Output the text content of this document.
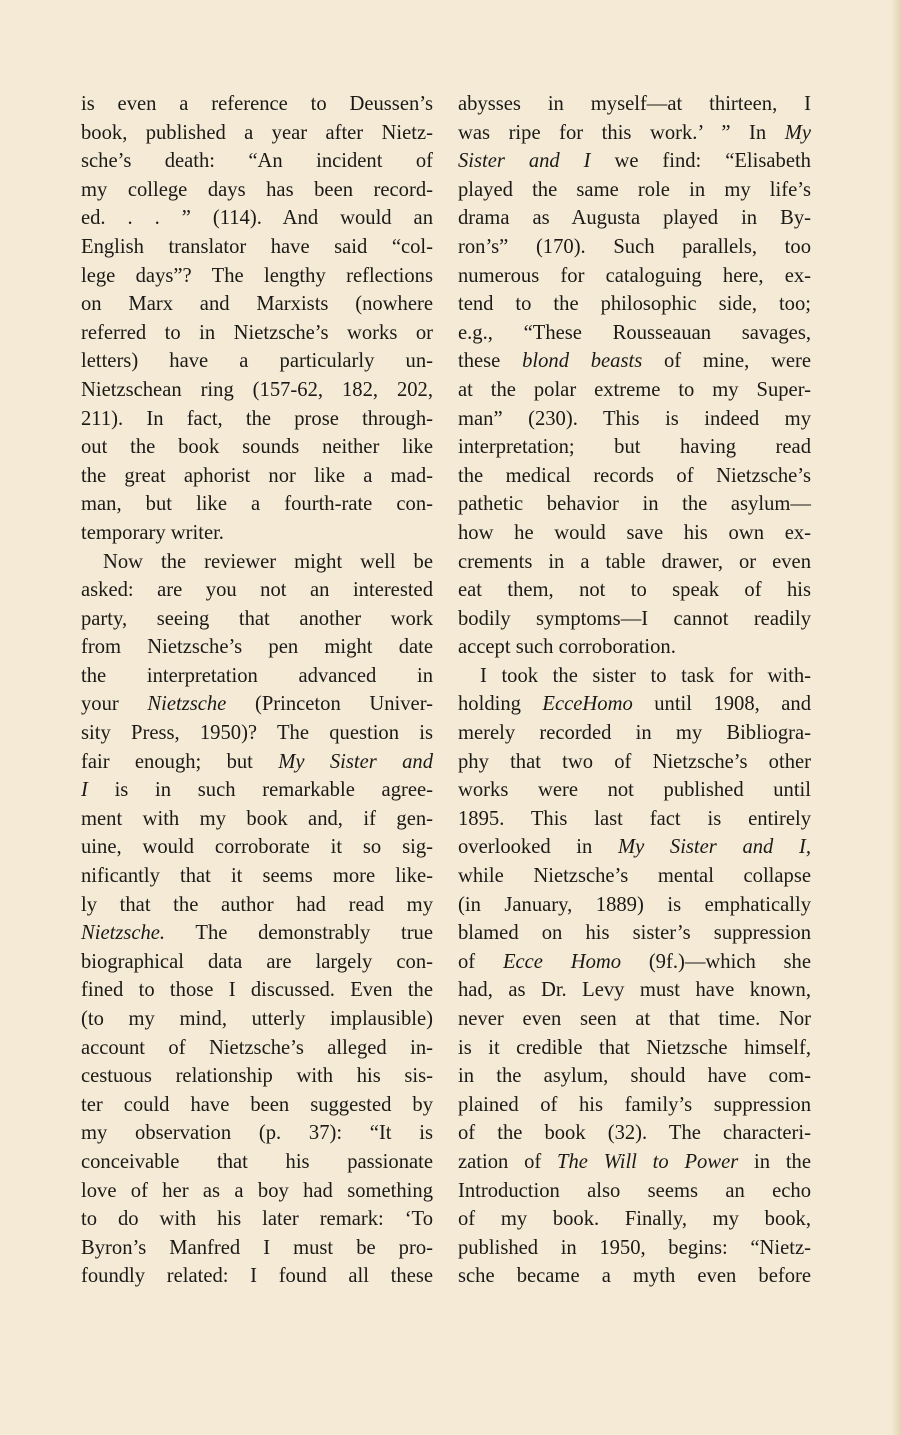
is even a reference to Deussen’s
book, published a year after Nietz-
sche’s death: “An incident of
my college days has been record-
ed. . . ” (114). And would an
English translator have said “col-
lege days”? The lengthy reflections
on Marx and Marxists (nowhere
referred to in Nietzsche’s works or
letters) have a particularly un-
Nietzschean ring (157-62, 182, 202,
211). In fact, the prose through-
out the book sounds neither like
the great aphorist nor like a mad-
man, but like a fourth-rate con-
temporary writer.
Now the reviewer might well be
asked: are you not an interested
party, seeing that another work
from Nietzsche’s pen might date
the interpretation advanced in
your Nietzsche (Princeton Univer-
sity Press, 1950)? The question is
fair enough; but My Sister and
I is in such remarkable agree-
ment with my book and, if gen-
uine, would corroborate it so sig-
nificantly that it seems more like-
ly that the author had read my
Nietzsche. The demonstrably true
biographical data are largely con-
fined to those I discussed. Even the
(to my mind, utterly implausible)
account of Nietzsche’s alleged in-
cestuous relationship with his sis-
ter could have been suggested by
my observation (p. 37): “It is
conceivable that his passionate
love of her as a boy had something
to do with his later remark: ‘To
Byron’s Manfred I must be pro-
foundly related: I found all these
abysses in myself—at thirteen, I
was ripe for this work.’ ” In My
Sister and I we find: “Elisabeth
played the same role in my life’s
drama as Augusta played in By-
ron’s” (170). Such parallels, too
numerous for cataloguing here, ex-
tend to the philosophic side, too;
e.g., “These Rousseauan savages,
these blond beasts of mine, were
at the polar extreme to my Super-
man” (230). This is indeed my
interpretation; but having read
the medical records of Nietzsche’s
pathetic behavior in the asylum—
how he would save his own ex-
crements in a table drawer, or even
eat them, not to speak of his
bodily symptoms—I cannot readily
accept such corroboration.
I took the sister to task for with-
holding EcceHomo until 1908, and
merely recorded in my Bibliogra-
phy that two of Nietzsche’s other
works were not published until
1895. This last fact is entirely
overlooked in My Sister and I,
while Nietzsche’s mental collapse
(in January, 1889) is emphatically
blamed on his sister’s suppression
of Ecce Homo (9f.)—which she
had, as Dr. Levy must have known,
never even seen at that time. Nor
is it credible that Nietzsche himself,
in the asylum, should have com-
plained of his family’s suppression
of the book (32). The characteri-
zation of The Will to Power in the
Introduction also seems an echo
of my book. Finally, my book,
published in 1950, begins: “Nietz-
sche became a myth even before
